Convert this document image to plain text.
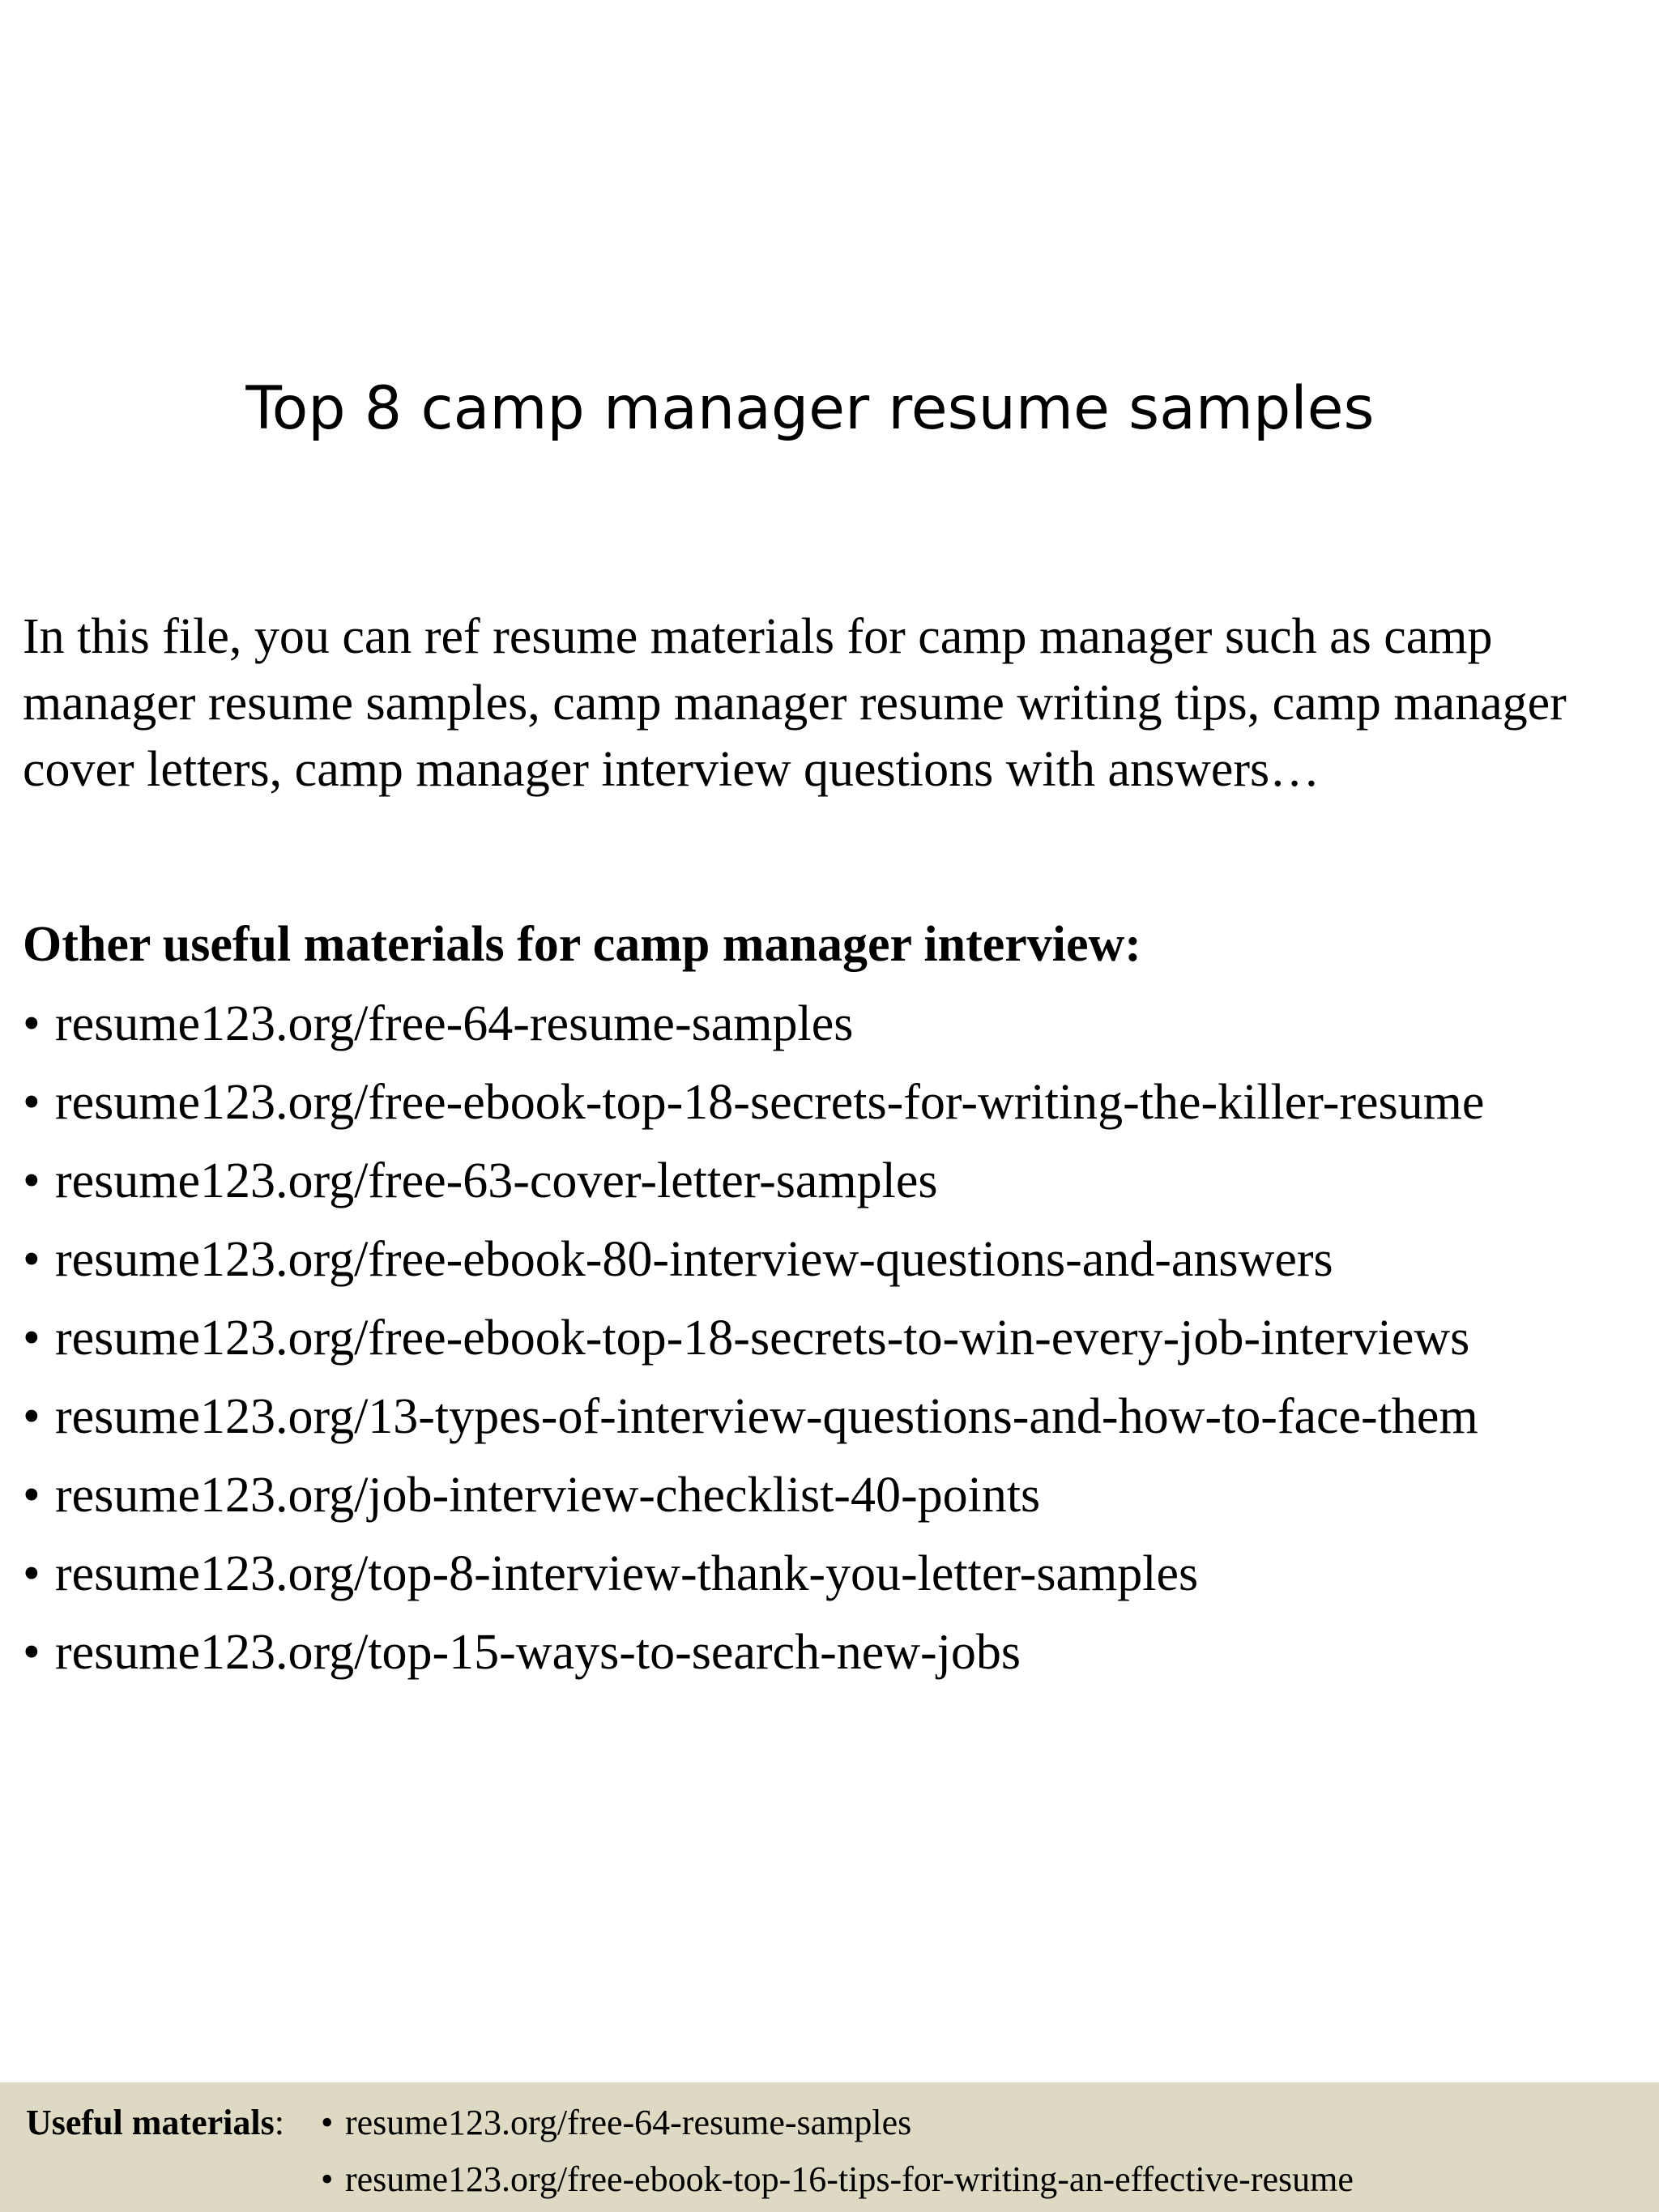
Top 8 camp manager resume samples
In this file, you can ref resume materials for camp manager such as camp manager resume samples, camp manager resume writing tips, camp manager cover letters, camp manager interview questions with answers…
Other useful materials for camp manager interview:
• resume123.org/free-64-resume-samples
• resume123.org/free-ebook-top-18-secrets-for-writing-the-killer-resume
• resume123.org/free-63-cover-letter-samples
• resume123.org/free-ebook-80-interview-questions-and-answers
• resume123.org/free-ebook-top-18-secrets-to-win-every-job-interviews
• resume123.org/13-types-of-interview-questions-and-how-to-face-them
• resume123.org/job-interview-checklist-40-points
• resume123.org/top-8-interview-thank-you-letter-samples
• resume123.org/top-15-ways-to-search-new-jobs
Useful materials: • resume123.org/free-64-resume-samples
• resume123.org/free-ebook-top-16-tips-for-writing-an-effective-resume
